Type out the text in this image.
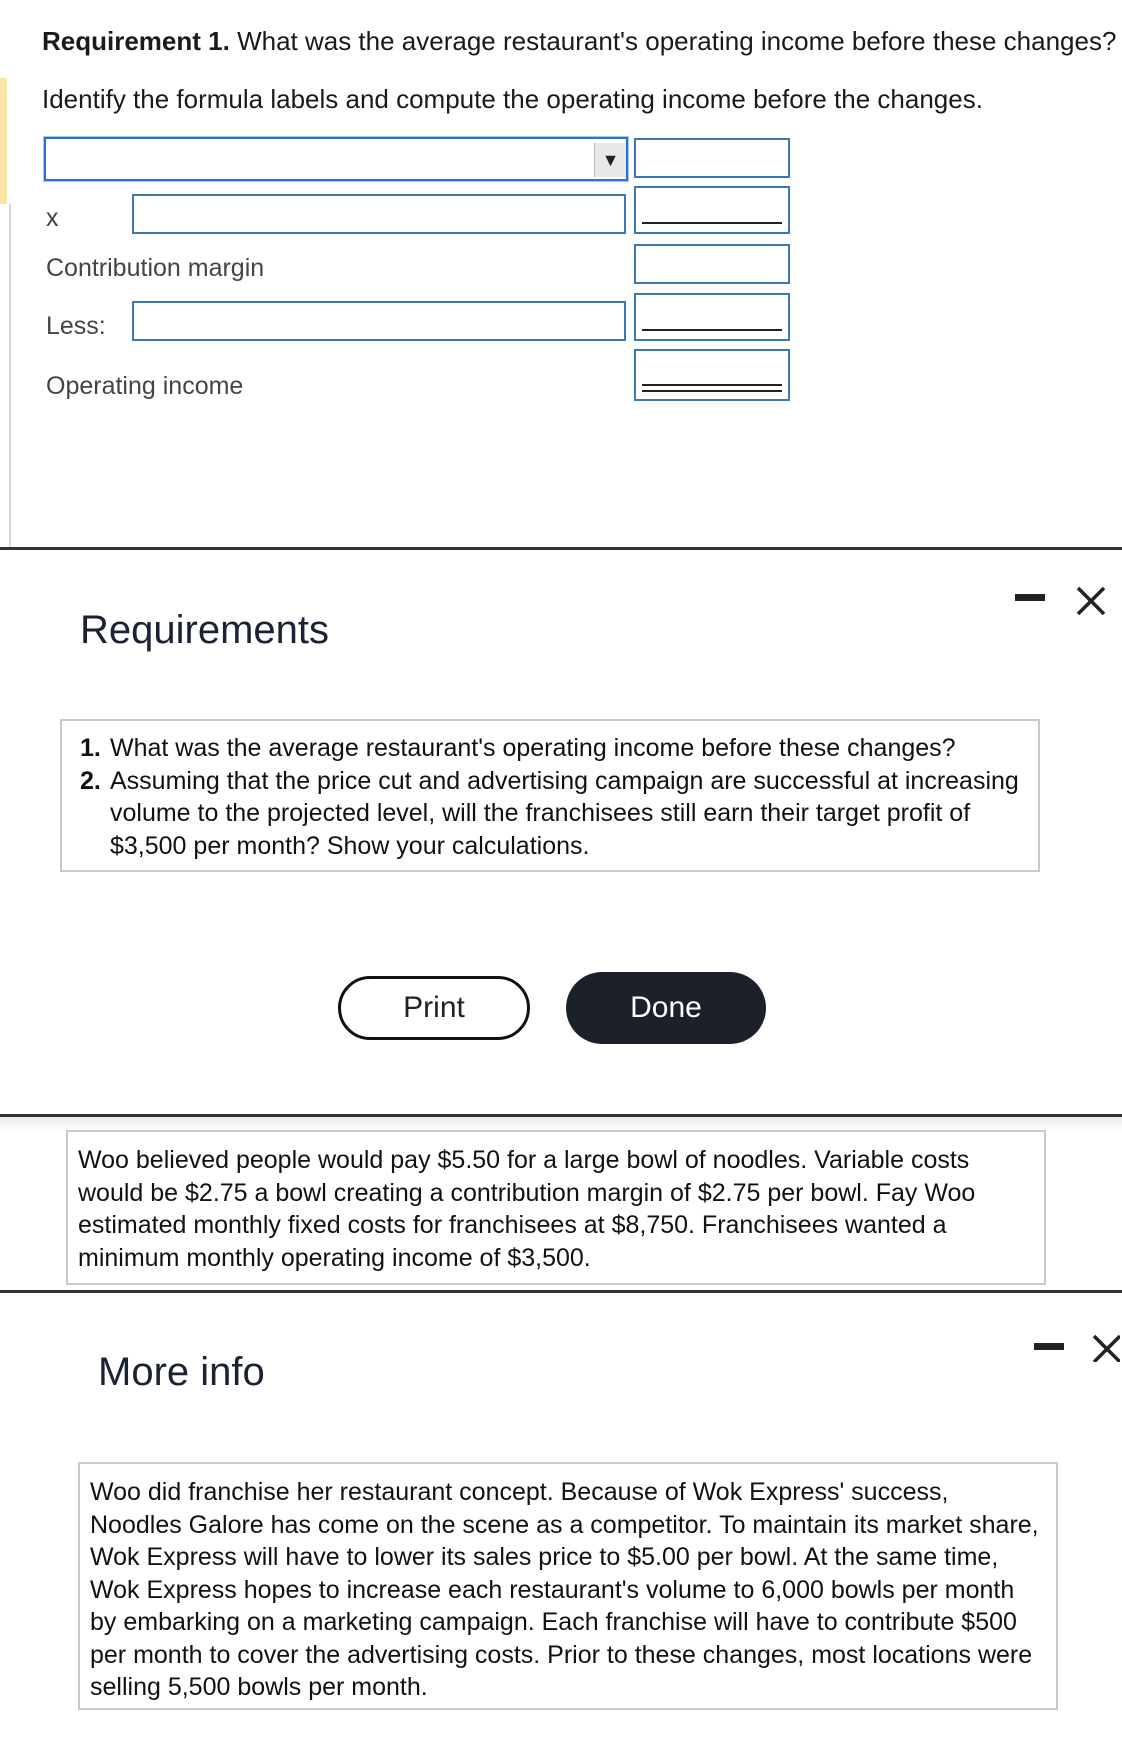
Requirement 1. What was the average restaurant's operating income before these changes?
Identify the formula labels and compute the operating income before the changes.
▼
x
Contribution margin
Less:
Operating income
Requirements
1. What was the average restaurant's operating income before these changes?
2. Assuming that the price cut and advertising campaign are successful at increasing volume to the projected level, will the franchisees still earn their target profit of $3,500 per month? Show your calculations.
Print	Done
Woo believed people would pay $5.50 for a large bowl of noodles. Variable costs would be $2.75 a bowl creating a contribution margin of $2.75 per bowl. Fay Woo estimated monthly fixed costs for franchisees at $8,750. Franchisees wanted a minimum monthly operating income of $3,500.
More info
Woo did franchise her restaurant concept. Because of Wok Express' success, Noodles Galore has come on the scene as a competitor. To maintain its market share, Wok Express will have to lower its sales price to $5.00 per bowl. At the same time, Wok Express hopes to increase each restaurant's volume to 6,000 bowls per month by embarking on a marketing campaign. Each franchise will have to contribute $500 per month to cover the advertising costs. Prior to these changes, most locations were selling 5,500 bowls per month.
